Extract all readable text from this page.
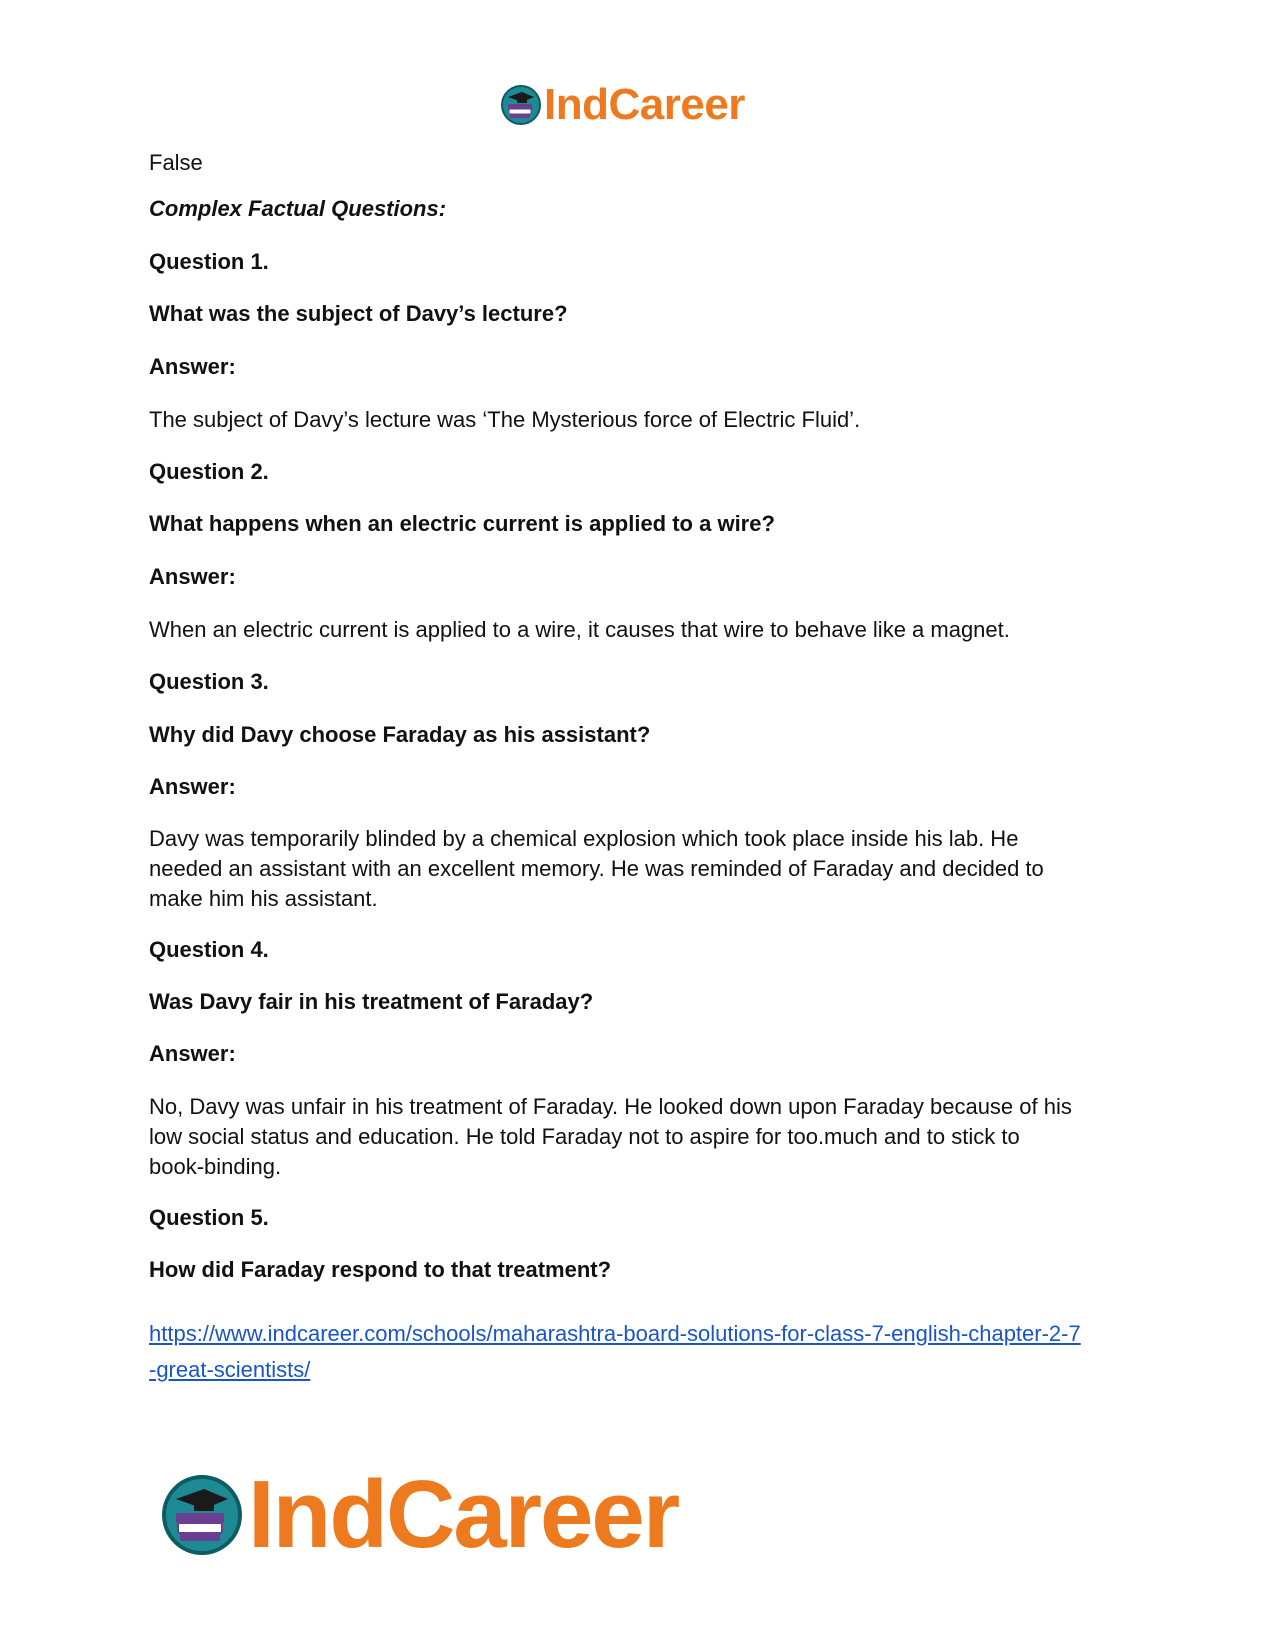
IndCareer

False

Complex Factual Questions:

Question 1.

What was the subject of Davy’s lecture?

Answer:

The subject of Davy’s lecture was ‘The Mysterious force of Electric Fluid’.

Question 2.

What happens when an electric current is applied to a wire?

Answer:

When an electric current is applied to a wire, it causes that wire to behave like a magnet.

Question 3.

Why did Davy choose Faraday as his assistant?

Answer:

Davy was temporarily blinded by a chemical explosion which took place inside his lab. He

needed an assistant with an excellent memory. He was reminded of Faraday and decided to

make him his assistant.

Question 4.

Was Davy fair in his treatment of Faraday?

Answer:

No, Davy was unfair in his treatment of Faraday. He looked down upon Faraday because of his

low social status and education. He told Faraday not to aspire for too.much and to stick to

book-binding.

Question 5.

How did Faraday respond to that treatment?

https://www.indcareer.com/schools/maharashtra-board-solutions-for-class-7-english-chapter-2-7
-great-scientists/
IndCareer
